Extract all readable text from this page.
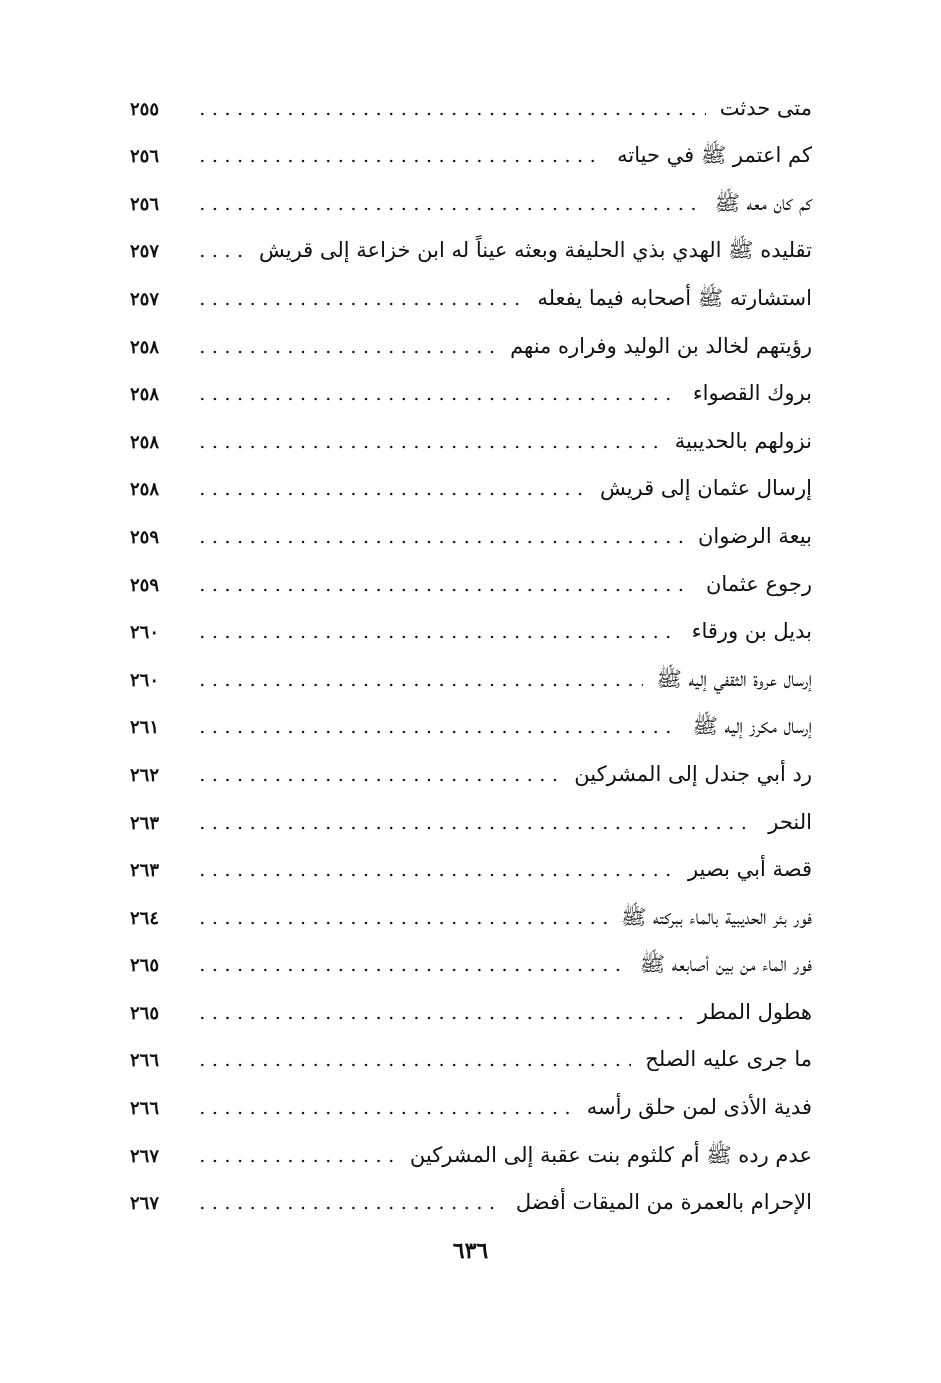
متى حدثت
٢٥٥
كم اعتمر ﷺ في حياته
٢٥٦
كم كان معه ﷺ
٢٥٦
تقليده ﷺ الهدي بذي الحليفة وبعثه عيناً له ابن خزاعة إلى قريش
٢٥٧
استشارته ﷺ أصحابه فيما يفعله
٢٥٧
رؤيتهم لخالد بن الوليد وفراره منهم
٢٥٨
بروك القصواء
٢٥٨
نزولهم بالحديبية
٢٥٨
إرسال عثمان إلى قريش
٢٥٨
بيعة الرضوان
٢٥٩
رجوع عثمان
٢٥٩
بديل بن ورقاء
٢٦٠
إرسال عروة الثقفي إليه ﷺ
٢٦٠
إرسال مكرز إليه ﷺ
٢٦١
رد أبي جندل إلى المشركين
٢٦٢
النحر
٢٦٣
قصة أبي بصير
٢٦٣
فور بئر الحديبية بالماء ببركته ﷺ
٢٦٤
فور الماء من بين أصابعه ﷺ
٢٦٥
هطول المطر
٢٦٥
ما جرى عليه الصلح
٢٦٦
فدية الأذى لمن حلق رأسه
٢٦٦
عدم رده ﷺ أم كلثوم بنت عقبة إلى المشركين
٢٦٧
الإحرام بالعمرة من الميقات أفضل
٢٦٧
٦٣٦
